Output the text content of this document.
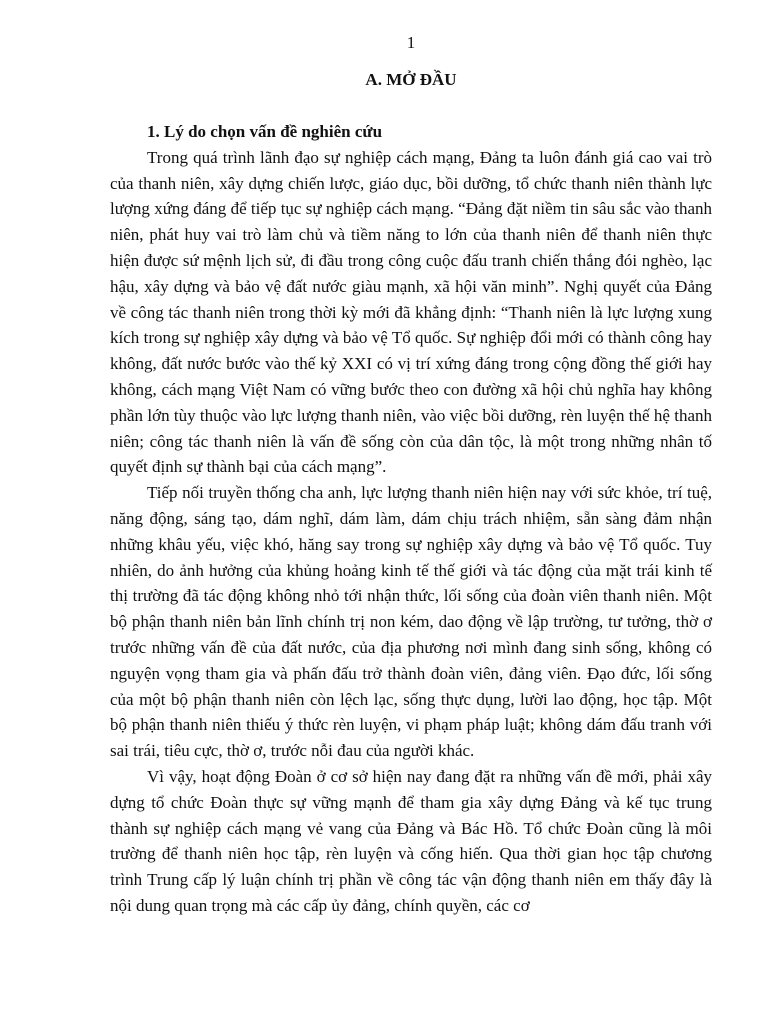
1
A. MỞ ĐẦU

1. Lý do chọn vấn đề nghiên cứu

Trong quá trình lãnh đạo sự nghiệp cách mạng, Đảng ta luôn đánh giá cao vai trò của thanh niên, xây dựng chiến lược, giáo dục, bồi dưỡng, tổ chức thanh niên thành lực lượng xứng đáng để tiếp tục sự nghiệp cách mạng. “Đảng đặt niềm tin sâu sắc vào thanh niên, phát huy vai trò làm chủ và tiềm năng to lớn của thanh niên để thanh niên thực hiện được sứ mệnh lịch sử, đi đầu trong công cuộc đấu tranh chiến thắng đói nghèo, lạc hậu, xây dựng và bảo vệ đất nước giàu mạnh, xã hội văn minh”. Nghị quyết của Đảng về công tác thanh niên trong thời kỳ mới đã khẳng định: “Thanh niên là lực lượng xung kích trong sự nghiệp xây dựng và bảo vệ Tổ quốc. Sự nghiệp đổi mới có thành công hay không, đất nước bước vào thế kỷ XXI có vị trí xứng đáng trong cộng đồng thế giới hay không, cách mạng Việt Nam có vững bước theo con đường xã hội chủ nghĩa hay không phần lớn tùy thuộc vào lực lượng thanh niên, vào việc bồi dưỡng, rèn luyện thế hệ thanh niên; công tác thanh niên là vấn đề sống còn của dân tộc, là một trong những nhân tố quyết định sự thành bại của cách mạng”.

Tiếp nối truyền thống cha anh, lực lượng thanh niên hiện nay với sức khỏe, trí tuệ, năng động, sáng tạo, dám nghĩ, dám làm, dám chịu trách nhiệm, sẵn sàng đảm nhận những khâu yếu, việc khó, hăng say trong sự nghiệp xây dựng và bảo vệ Tổ quốc. Tuy nhiên, do ảnh hưởng của khủng hoảng kinh tế thế giới và tác động của mặt trái kinh tế thị trường đã tác động không nhỏ tới nhận thức, lối sống của đoàn viên thanh niên. Một bộ phận thanh niên bản lĩnh chính trị non kém, dao động về lập trường, tư tưởng, thờ ơ trước những vấn đề của đất nước, của địa phương nơi mình đang sinh sống, không có nguyện vọng tham gia và phấn đấu trở thành đoàn viên, đảng viên. Đạo đức, lối sống của một bộ phận thanh niên còn lệch lạc, sống thực dụng, lười lao động, học tập. Một bộ phận thanh niên thiếu ý thức rèn luyện, vi phạm pháp luật; không dám đấu tranh với sai trái, tiêu cực, thờ ơ, trước nỗi đau của người khác.

Vì vậy, hoạt động Đoàn ở cơ sở hiện nay đang đặt ra những vấn đề mới, phải xây dựng tổ chức Đoàn thực sự vững mạnh để tham gia xây dựng Đảng và kế tục trung thành sự nghiệp cách mạng vẻ vang của Đảng và Bác Hồ. Tổ chức Đoàn cũng là môi trường để thanh niên học tập, rèn luyện và cống hiến. Qua thời gian học tập chương trình Trung cấp lý luận chính trị phần về công tác vận động thanh niên em thấy đây là nội dung quan trọng mà các cấp ủy đảng, chính quyền, các cơ
